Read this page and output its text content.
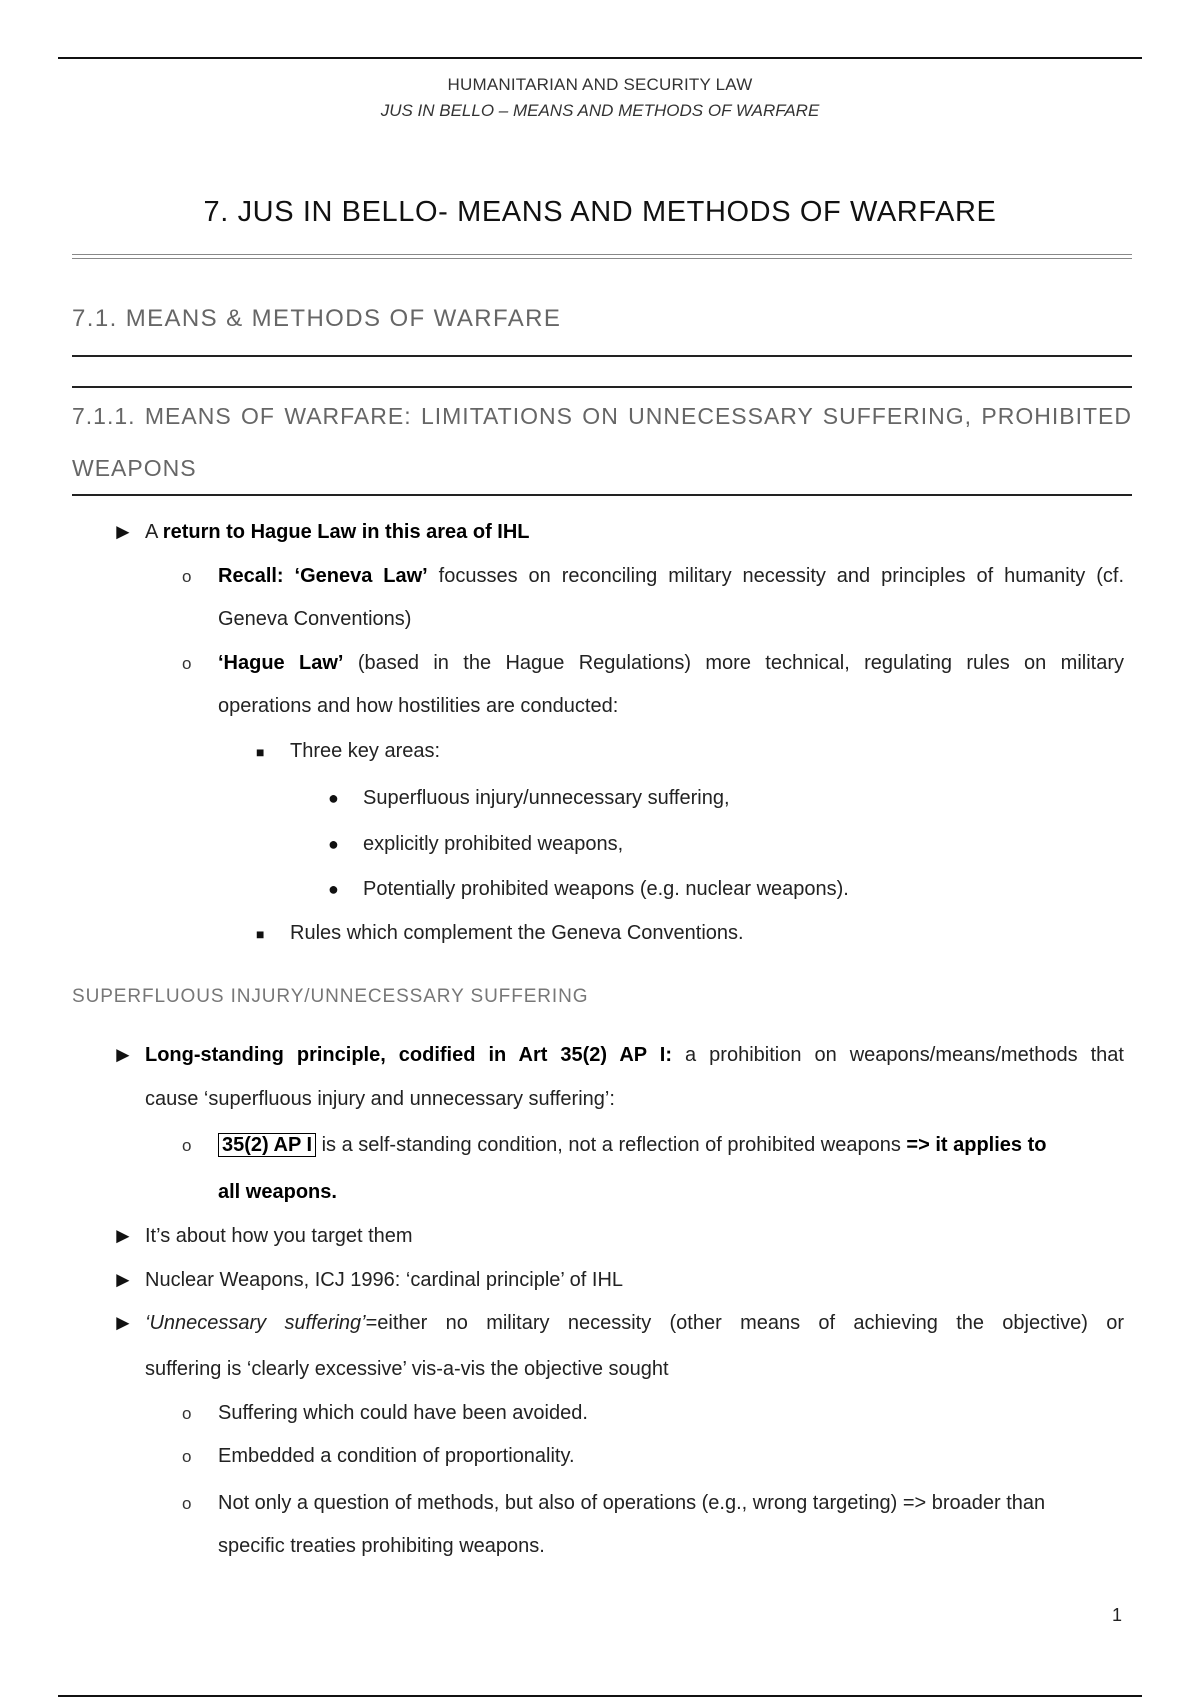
HUMANITARIAN AND SECURITY LAW
JUS IN BELLO – MEANS AND METHODS OF WARFARE
7. JUS IN BELLO- MEANS AND METHODS OF WARFARE
7.1. MEANS & METHODS OF WARFARE
7.1.1. MEANS OF WARFARE: LIMITATIONS ON UNNECESSARY SUFFERING, PROHIBITED WEAPONS
► A return to Hague Law in this area of IHL
o Recall: ‘Geneva Law’ focusses on reconciling military necessity and principles of humanity (cf.
Geneva Conventions)
o ‘Hague Law’ (based in the Hague Regulations) more technical, regulating rules on military
operations and how hostilities are conducted:
■ Three key areas:
● Superfluous injury/unnecessary suffering,
● explicitly prohibited weapons,
● Potentially prohibited weapons (e.g. nuclear weapons).
■ Rules which complement the Geneva Conventions.
SUPERFLUOUS INJURY/UNNECESSARY SUFFERING
► Long-standing principle, codified in Art 35(2) AP I: a prohibition on weapons/means/methods that
cause ‘superfluous injury and unnecessary suffering’:
o 35(2) AP I is a self-standing condition, not a reflection of prohibited weapons => it applies to
all weapons.
► It’s about how you target them
► Nuclear Weapons, ICJ 1996: ‘cardinal principle’ of IHL
► ‘Unnecessary suffering’=either no military necessity (other means of achieving the objective) or
suffering is ‘clearly excessive’ vis-a-vis the objective sought
o Suffering which could have been avoided.
o Embedded a condition of proportionality.
o Not only a question of methods, but also of operations (e.g., wrong targeting) => broader than
specific treaties prohibiting weapons.
1
